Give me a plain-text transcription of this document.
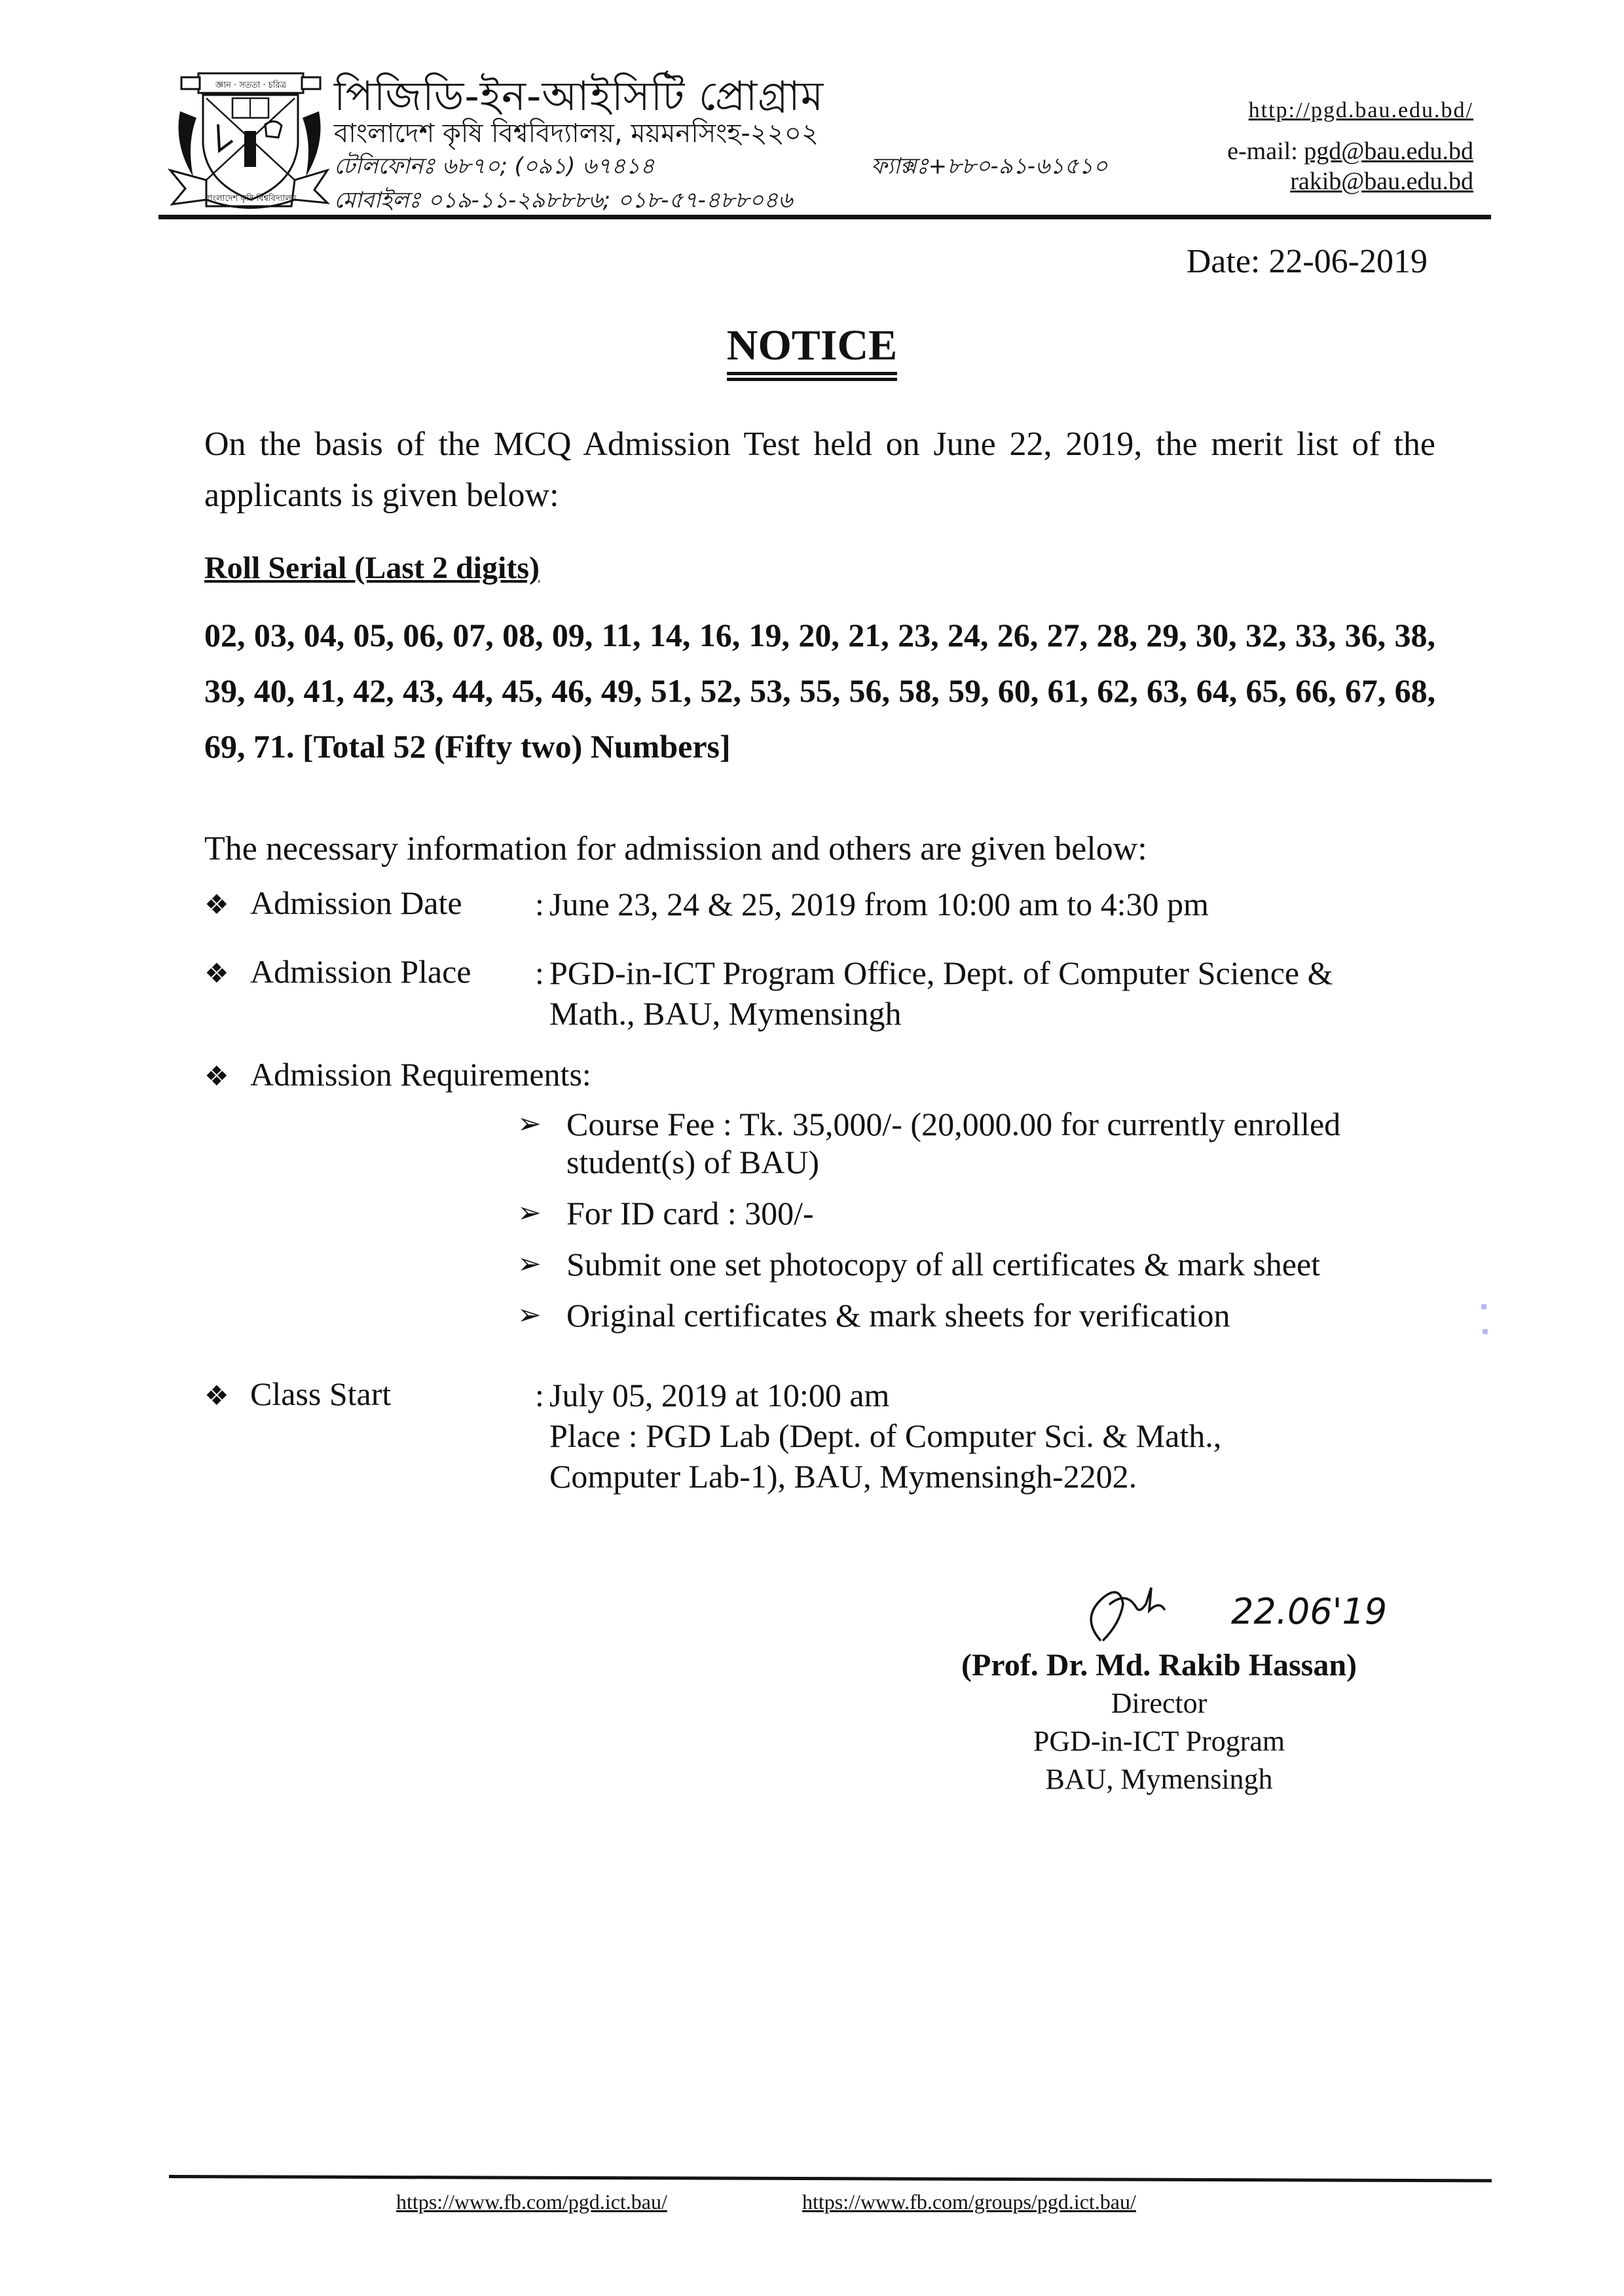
জ্ঞান · সততা · চরিত্র
বাংলাদেশ কৃষি বিশ্ববিদ্যালয়
পিজিডি-ইন-আইসিটি প্রোগ্রাম
বাংলাদেশ কৃষি বিশ্ববিদ্যালয়, ময়মনসিংহ-২২০২
টেলিফোনঃ ৬৮৭০; (০৯১) ৬৭৪১৪	ফ্যাক্সঃ+৮৮০-৯১-৬১৫১০
মোবাইলঃ ০১৯-১১-২৯৮৮৮৬; ০১৮-৫৭-৪৮৮০৪৬
http://pgd.bau.edu.bd/
e-mail: pgd@bau.edu.bd
rakib@bau.edu.bd
Date: 22-06-2019
NOTICE
On the basis of the MCQ Admission Test held on June 22, 2019, the merit list of the applicants is given below:
Roll Serial (Last 2 digits)
02, 03, 04, 05, 06, 07, 08, 09, 11, 14, 16, 19, 20, 21, 23, 24, 26, 27, 28, 29, 30, 32, 33, 36, 38, 39, 40, 41, 42, 43, 44, 45, 46, 49, 51, 52, 53, 55, 56, 58, 59, 60, 61, 62, 63, 64, 65, 66, 67, 68, 69, 71. [Total 52 (Fifty two) Numbers]
The necessary information for admission and others are given below:
❖ Admission Date : June 23, 24 & 25, 2019 from 10:00 am to 4:30 pm
❖ Admission Place : PGD-in-ICT Program Office, Dept. of Computer Science &
Math., BAU, Mymensingh
❖ Admission Requirements:
➢ Course Fee : Tk. 35,000/- (20,000.00 for currently enrolled student(s) of BAU)
➢ For ID card : 300/-
➢ Submit one set photocopy of all certificates & mark sheet
➢ Original certificates & mark sheets for verification
❖ Class Start	: July 05, 2019 at 10:00 am
Place : PGD Lab (Dept. of Computer Sci. & Math.,
Computer Lab-1), BAU, Mymensingh-2202.
22.06'19
(Prof. Dr. Md. Rakib Hassan)
Director
PGD-in-ICT Program
BAU, Mymensingh
https://www.fb.com/pgd.ict.bau/	https://www.fb.com/groups/pgd.ict.bau/
